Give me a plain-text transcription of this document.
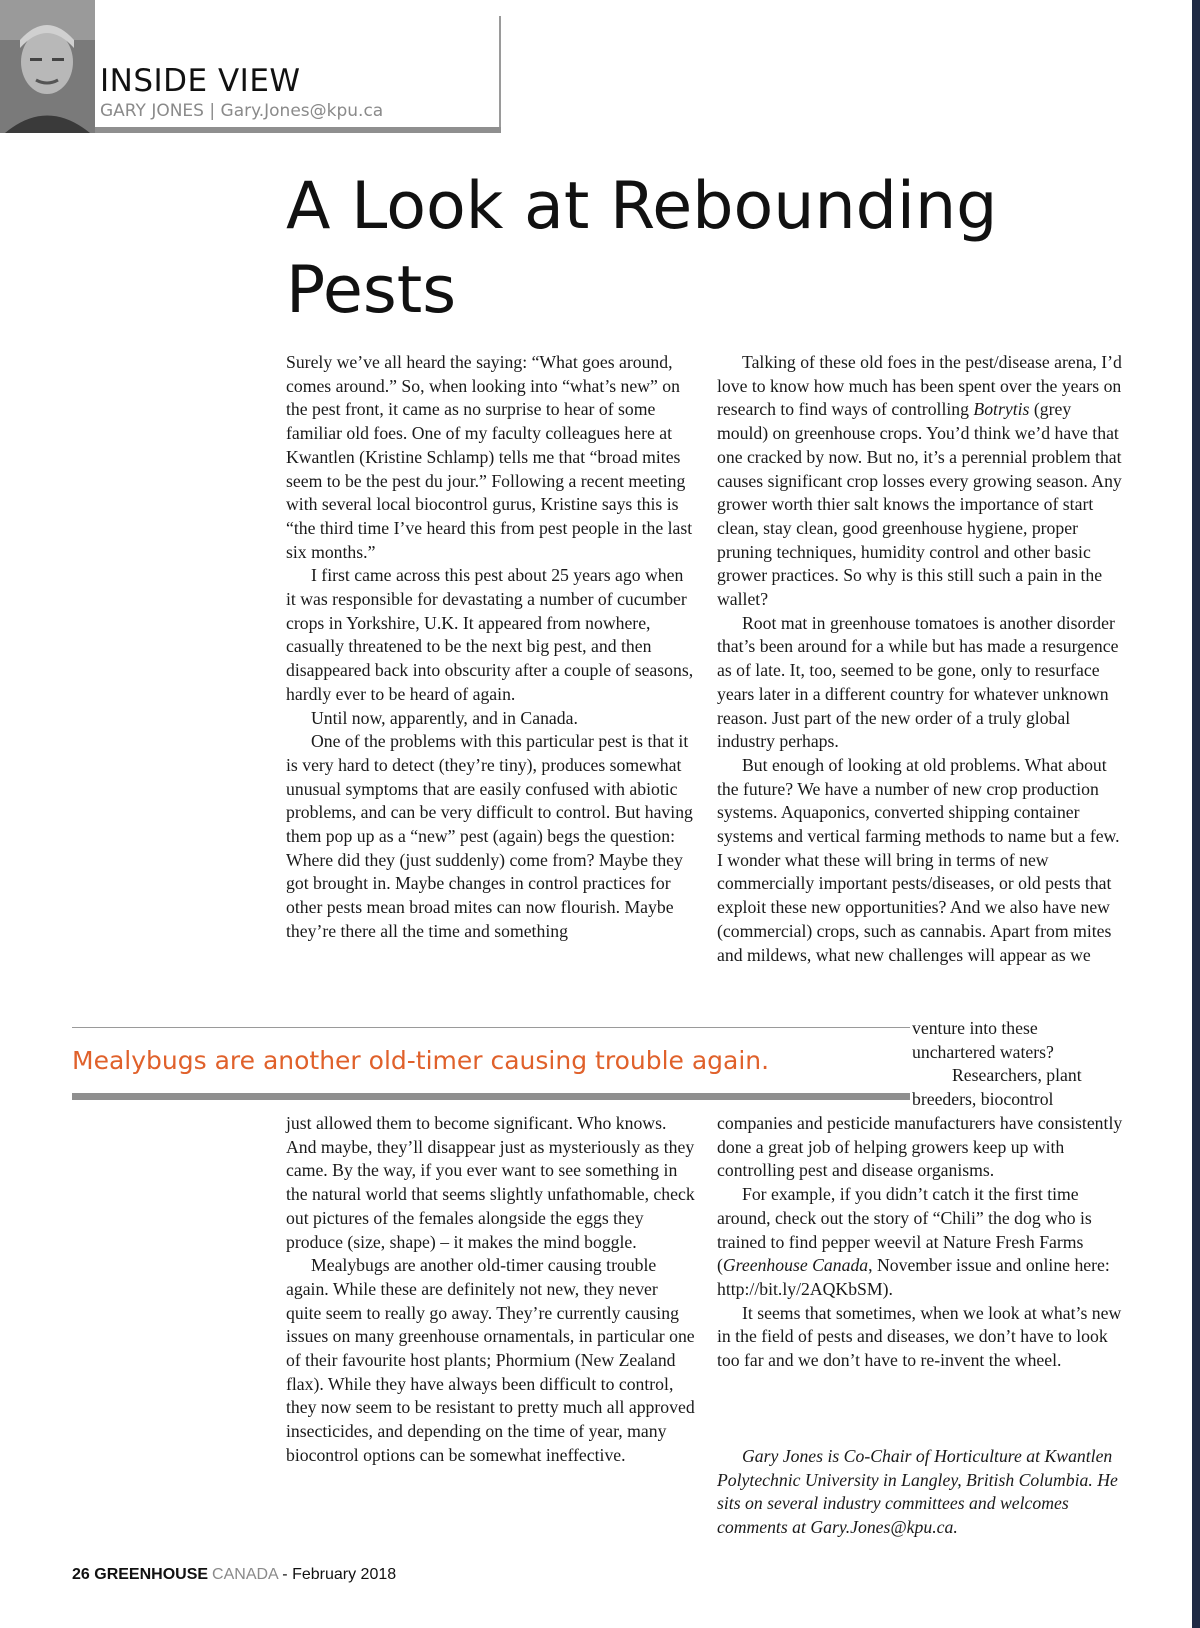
INSIDE VIEW
GARY JONES | Gary.Jones@kpu.ca
A Look at Rebounding Pests

Surely we’ve all heard the saying: “What goes around, comes around.” So, when looking into “what’s new” on the pest front, it came as no surprise to hear of some familiar old foes. One of my faculty colleagues here at Kwantlen (Kristine Schlamp) tells me that “broad mites seem to be the pest du jour.” Following a recent meeting with several local biocontrol gurus, Kristine says this is “the third time I’ve heard this from pest people in the last six months.”

I first came across this pest about 25 years ago when it was responsible for devastating a number of cucumber crops in Yorkshire, U.K. It appeared from nowhere, casually threatened to be the next big pest, and then disappeared back into obscurity after a couple of seasons, hardly ever to be heard of again.

Until now, apparently, and in Canada.

One of the problems with this particular pest is that it is very hard to detect (they’re tiny), produces somewhat unusual symptoms that are easily confused with abiotic problems, and can be very difficult to control. But having them pop up as a “new” pest (again) begs the question: Where did they (just suddenly) come from? Maybe they got brought in. Maybe changes in control practices for other pests mean broad mites can now flourish. Maybe they’re there all the time and something

Talking of these old foes in the pest/disease arena, I’d love to know how much has been spent over the years on research to find ways of controlling Botrytis (grey mould) on greenhouse crops. You’d think we’d have that one cracked by now. But no, it’s a perennial problem that causes significant crop losses every growing season. Any grower worth thier salt knows the importance of start clean, stay clean, good greenhouse hygiene, proper pruning techniques, humidity control and other basic grower practices. So why is this still such a pain in the wallet?

Root mat in greenhouse tomatoes is another disorder that’s been around for a while but has made a resurgence as of late. It, too, seemed to be gone, only to resurface years later in a different country for whatever unknown reason. Just part of the new order of a truly global industry perhaps.

But enough of looking at old problems. What about the future? We have a number of new crop production systems. Aquaponics, converted shipping container systems and vertical farming methods to name but a few. I wonder what these will bring in terms of new commercially important pests/diseases, or old pests that exploit these new opportunities? And we also have new (commercial) crops, such as cannabis. Apart from mites and mildews, what new challenges will appear as we

venture into these

unchartered waters?

Researchers, plant

breeders, biocontrol

Mealybugs are another old-timer causing trouble again.

just allowed them to become significant. Who knows. And maybe, they’ll disappear just as mysteriously as they came. By the way, if you ever want to see something in the natural world that seems slightly unfathomable, check out pictures of the females alongside the eggs they produce (size, shape) – it makes the mind boggle.

Mealybugs are another old-timer causing trouble again. While these are definitely not new, they never quite seem to really go away. They’re currently causing issues on many greenhouse ornamentals, in particular one of their favourite host plants; Phormium (New Zealand flax). While they have always been difficult to control, they now seem to be resistant to pretty much all approved insecticides, and depending on the time of year, many biocontrol options can be somewhat ineffective.

companies and pesticide manufacturers have consistently done a great job of helping growers keep up with controlling pest and disease organisms.

For example, if you didn’t catch it the first time around, check out the story of “Chili” the dog who is trained to find pepper weevil at Nature Fresh Farms (Greenhouse Canada, November issue and online here: http://bit.ly/2AQKbSM).

It seems that sometimes, when we look at what’s new in the field of pests and diseases, we don’t have to look too far and we don’t have to re-invent the wheel.

Gary Jones is Co-Chair of Horticulture at Kwantlen Polytechnic University in Langley, British Columbia. He sits on several industry committees and welcomes comments at Gary.Jones@kpu.ca.
26 GREENHOUSE CANADA - February 2018
